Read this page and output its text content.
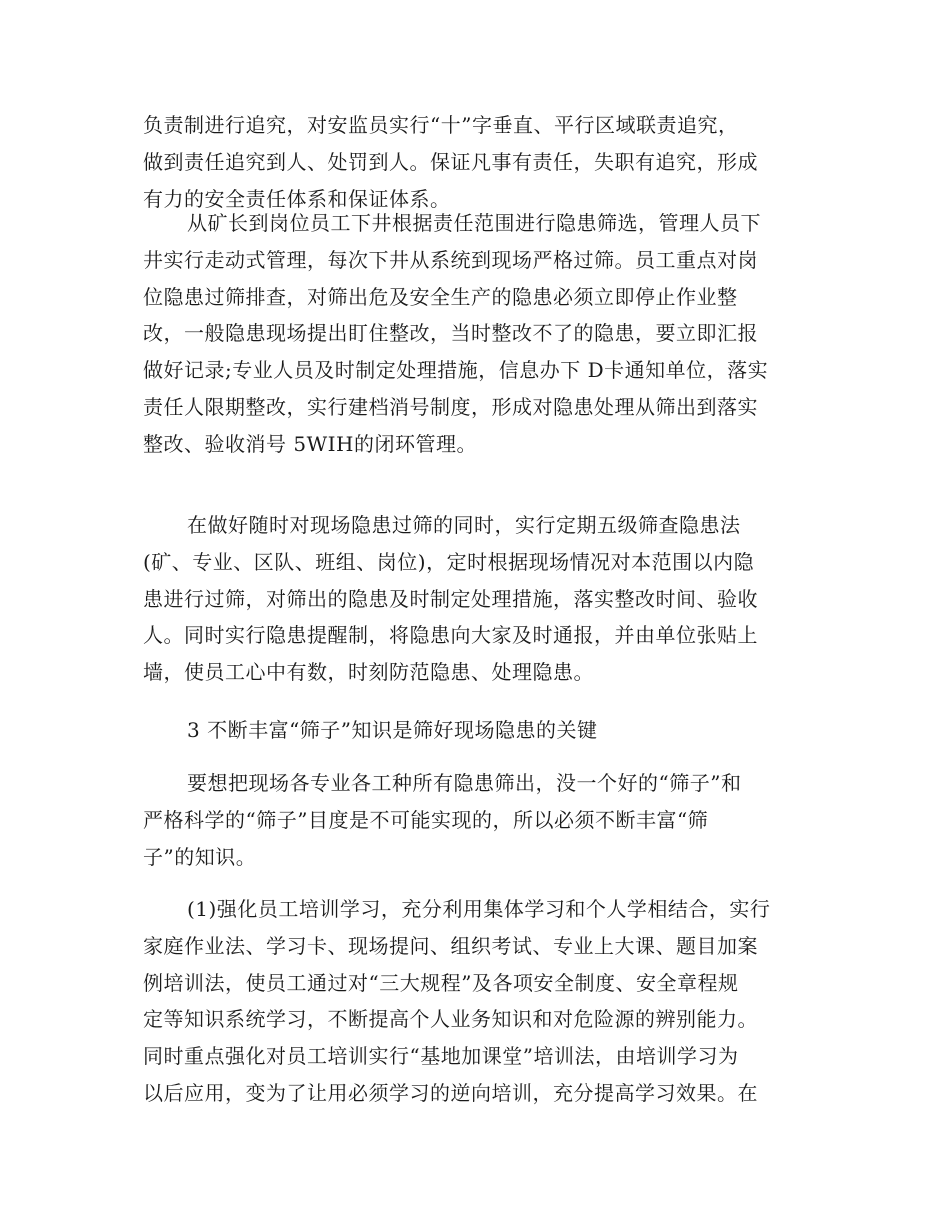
负责制进行追究，对安监员实行“十”字垂直、平行区域联责追究，
做到责任追究到人、处罚到人。保证凡事有责任，失职有追究，形成
有力的安全责任体系和保证体系。
从矿长到岗位员工下井根据责任范围进行隐患筛选，管理人员下
井实行走动式管理，每次下井从系统到现场严格过筛。员工重点对岗
位隐患过筛排查，对筛出危及安全生产的隐患必须立即停止作业整
改，一般隐患现场提出盯住整改，当时整改不了的隐患，要立即汇报
做好记录;专业人员及时制定处理措施，信息办下 D卡通知单位，落实
责任人限期整改，实行建档消号制度，形成对隐患处理从筛出到落实
整改、验收消号 5WIH的闭环管理。
在做好随时对现场隐患过筛的同时，实行定期五级筛查隐患法
(矿、专业、区队、班组、岗位)，定时根据现场情况对本范围以内隐
患进行过筛，对筛出的隐患及时制定处理措施，落实整改时间、验收
人。同时实行隐患提醒制，将隐患向大家及时通报，并由单位张贴上
墙，使员工心中有数，时刻防范隐患、处理隐患。
3 不断丰富“筛子”知识是筛好现场隐患的关键
要想把现场各专业各工种所有隐患筛出，没一个好的“筛子”和
严格科学的“筛子”目度是不可能实现的，所以必须不断丰富“筛
子”的知识。
(1)强化员工培训学习，充分利用集体学习和个人学相结合，实行
家庭作业法、学习卡、现场提问、组织考试、专业上大课、题目加案
例培训法，使员工通过对“三大规程”及各项安全制度、安全章程规
定等知识系统学习，不断提高个人业务知识和对危险源的辨别能力。
同时重点强化对员工培训实行“基地加课堂”培训法，由培训学习为
以后应用，变为了让用必须学习的逆向培训，充分提高学习效果。在
